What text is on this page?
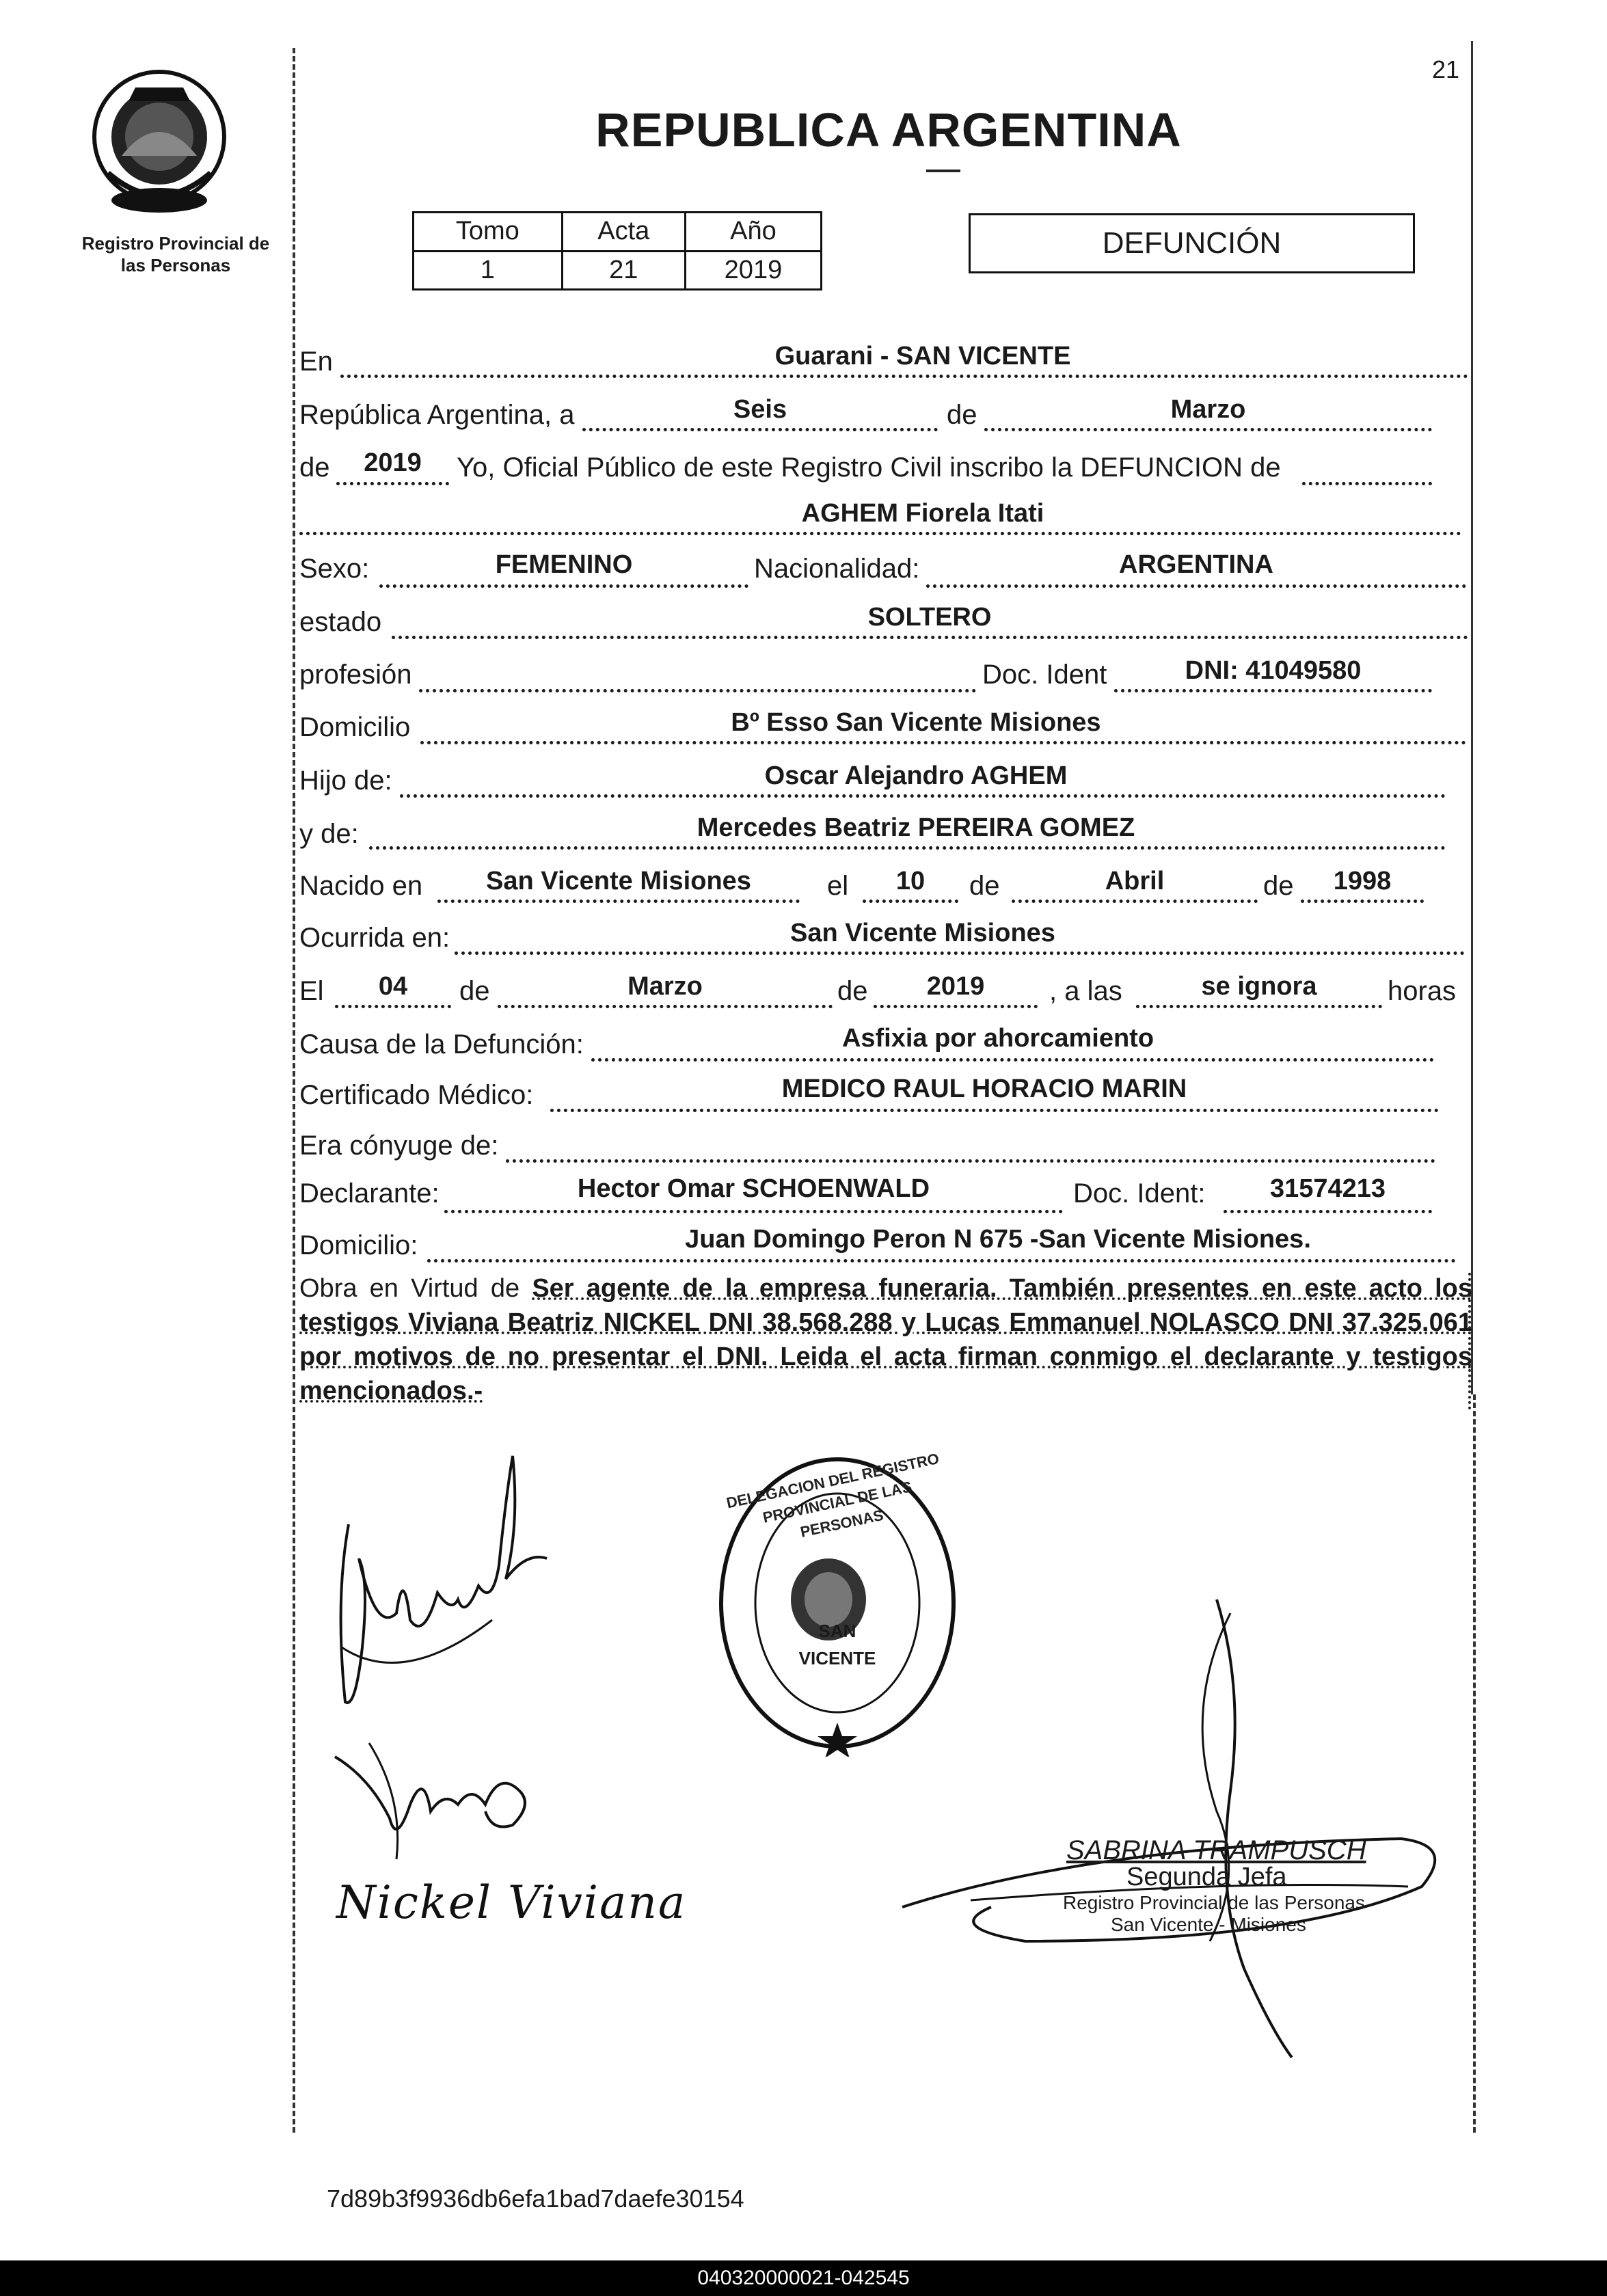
21
Registro Provincial de
las Personas
REPUBLICA ARGENTINA
Tomo	Acta	Año
1	21	2019
DEFUNCIÓN
En	Guarani - SAN VICENTE
República Argentina, a	Seis	de	Marzo
de	2019	Yo, Oficial Público de este Registro Civil inscribo la DEFUNCION de
AGHEM Fiorela Itati
Sexo:	FEMENINO	Nacionalidad:	ARGENTINA
estado	SOLTERO
profesión	Doc. Ident	DNI: 41049580
Domicilio	Bº Esso San Vicente Misiones
Hijo de:	Oscar Alejandro AGHEM
y de:	Mercedes Beatriz PEREIRA GOMEZ
Nacido en	San Vicente Misiones	el	10	de	Abril	de	1998
Ocurrida en:	San Vicente Misiones
El	04	de	Marzo	de	2019	, a las	se ignora	horas
Causa de la Defunción:	Asfixia por ahorcamiento
Certificado Médico:	MEDICO RAUL HORACIO MARIN
Era cónyuge de:
Declarante:	Hector Omar SCHOENWALD	Doc. Ident:	31574213
Domicilio:	Juan Domingo Peron N 675 -San Vicente Misiones.
Obra en Virtud de Ser agente de la empresa funeraria. También presentes en este acto los testigos Viviana Beatriz NICKEL DNI 38.568.288 y Lucas Emmanuel NOLASCO DNI 37.325.061 por motivos de no presentar el DNI. Leida el acta firman conmigo el declarante y testigos mencionados.-
Nickel Viviana
DELEGACION DEL REGISTRO PROVINCIAL DE LAS PERSONAS
SAN
VICENTE
SABRINA TRAMPUSCH
Segunda Jefa
Registro Provincial de las Personas
San Vicente - Misiones
7d89b3f9936db6efa1bad7daefe30154
040320000021-042545
